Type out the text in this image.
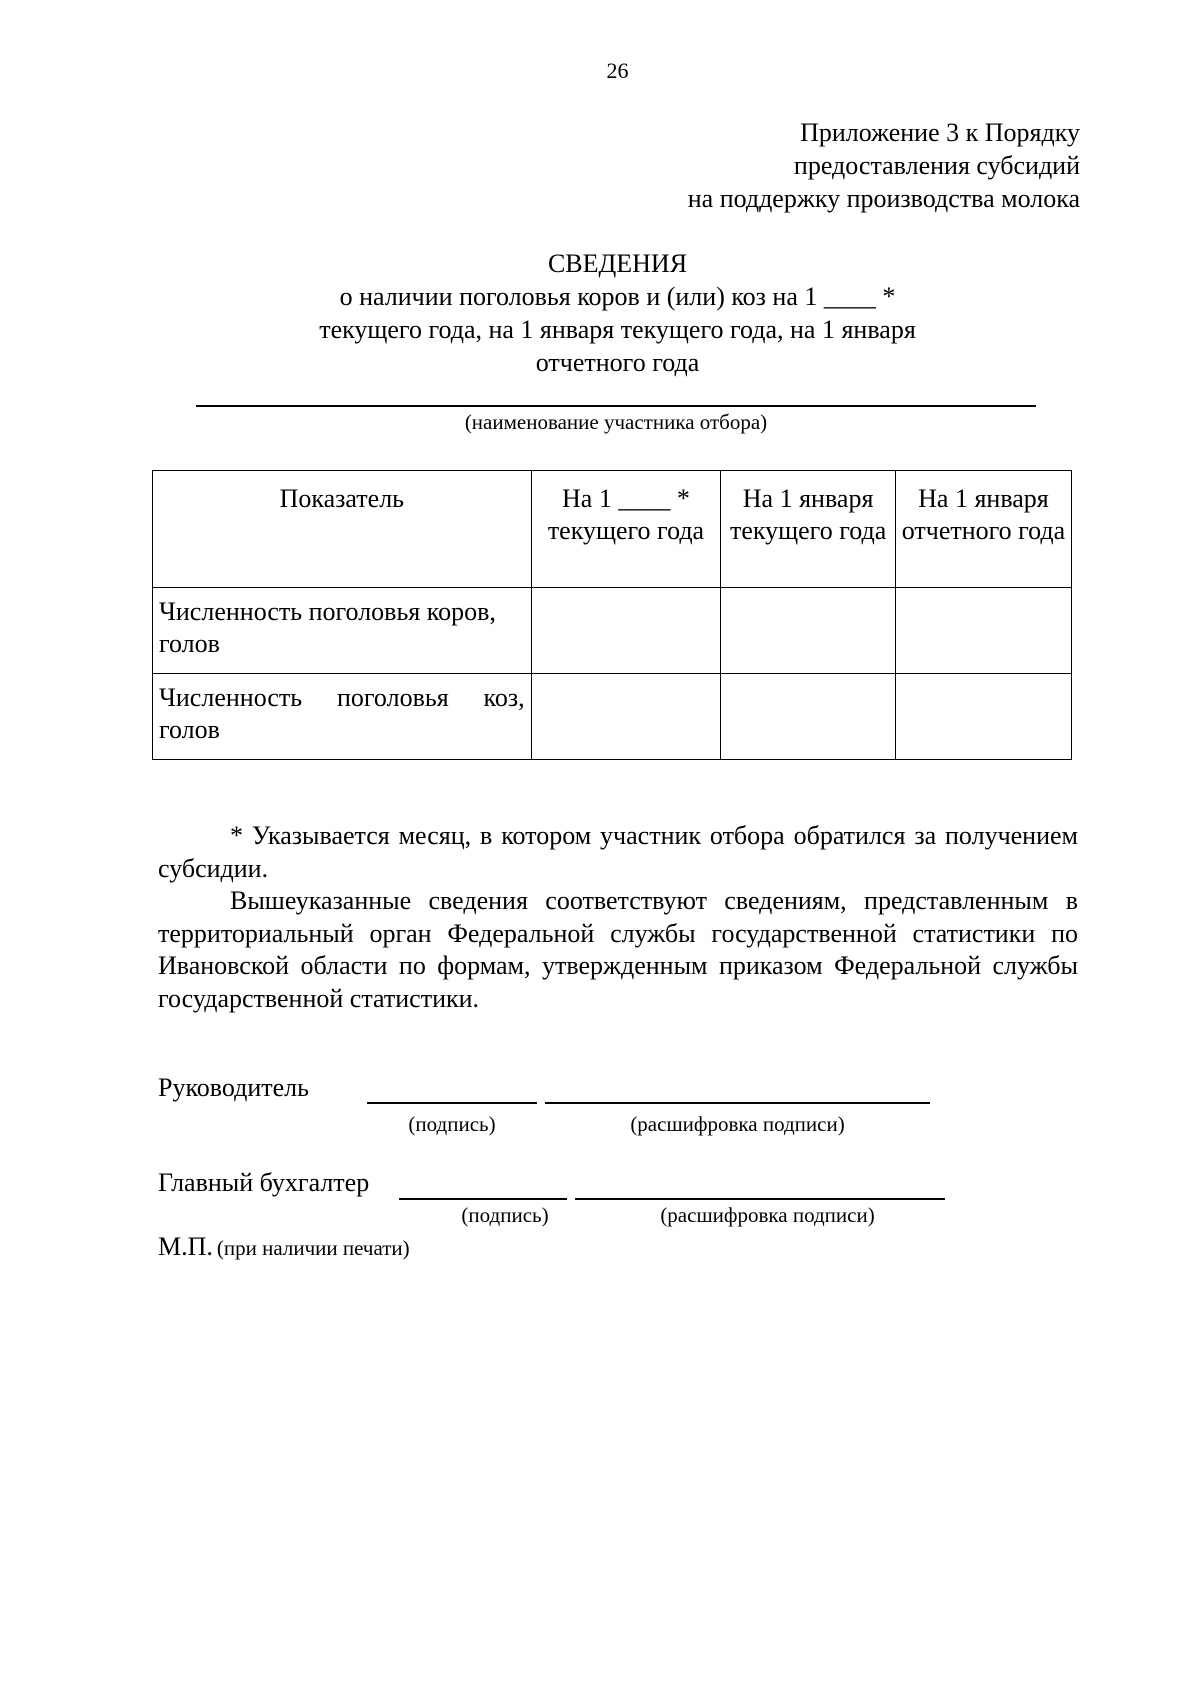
26
Приложение 3 к Порядку
предоставления субсидий
на поддержку производства молока
СВЕДЕНИЯ
о наличии поголовья коров и (или) коз на 1 ____ *
текущего года, на 1 января текущего года, на 1 января
отчетного года
(наименование участника отбора)
Показатель	На 1 ____ * текущего года	На 1 января текущего года	На 1 января отчетного года
Численность поголовья коров, голов			
Численность поголовья коз, голов			

* Указывается месяц, в котором участник отбора обратился за получением субсидии.

Вышеуказанные сведения соответствуют сведениям, представленным в территориальный орган Федеральной службы государственной статистики по Ивановской области по формам, утвержденным приказом Федеральной службы государственной статистики.

Руководитель
(подпись)	(расшифровка подписи)
Главный бухгалтер
(подпись)	(расшифровка подписи)
М.П. (при наличии печати)
